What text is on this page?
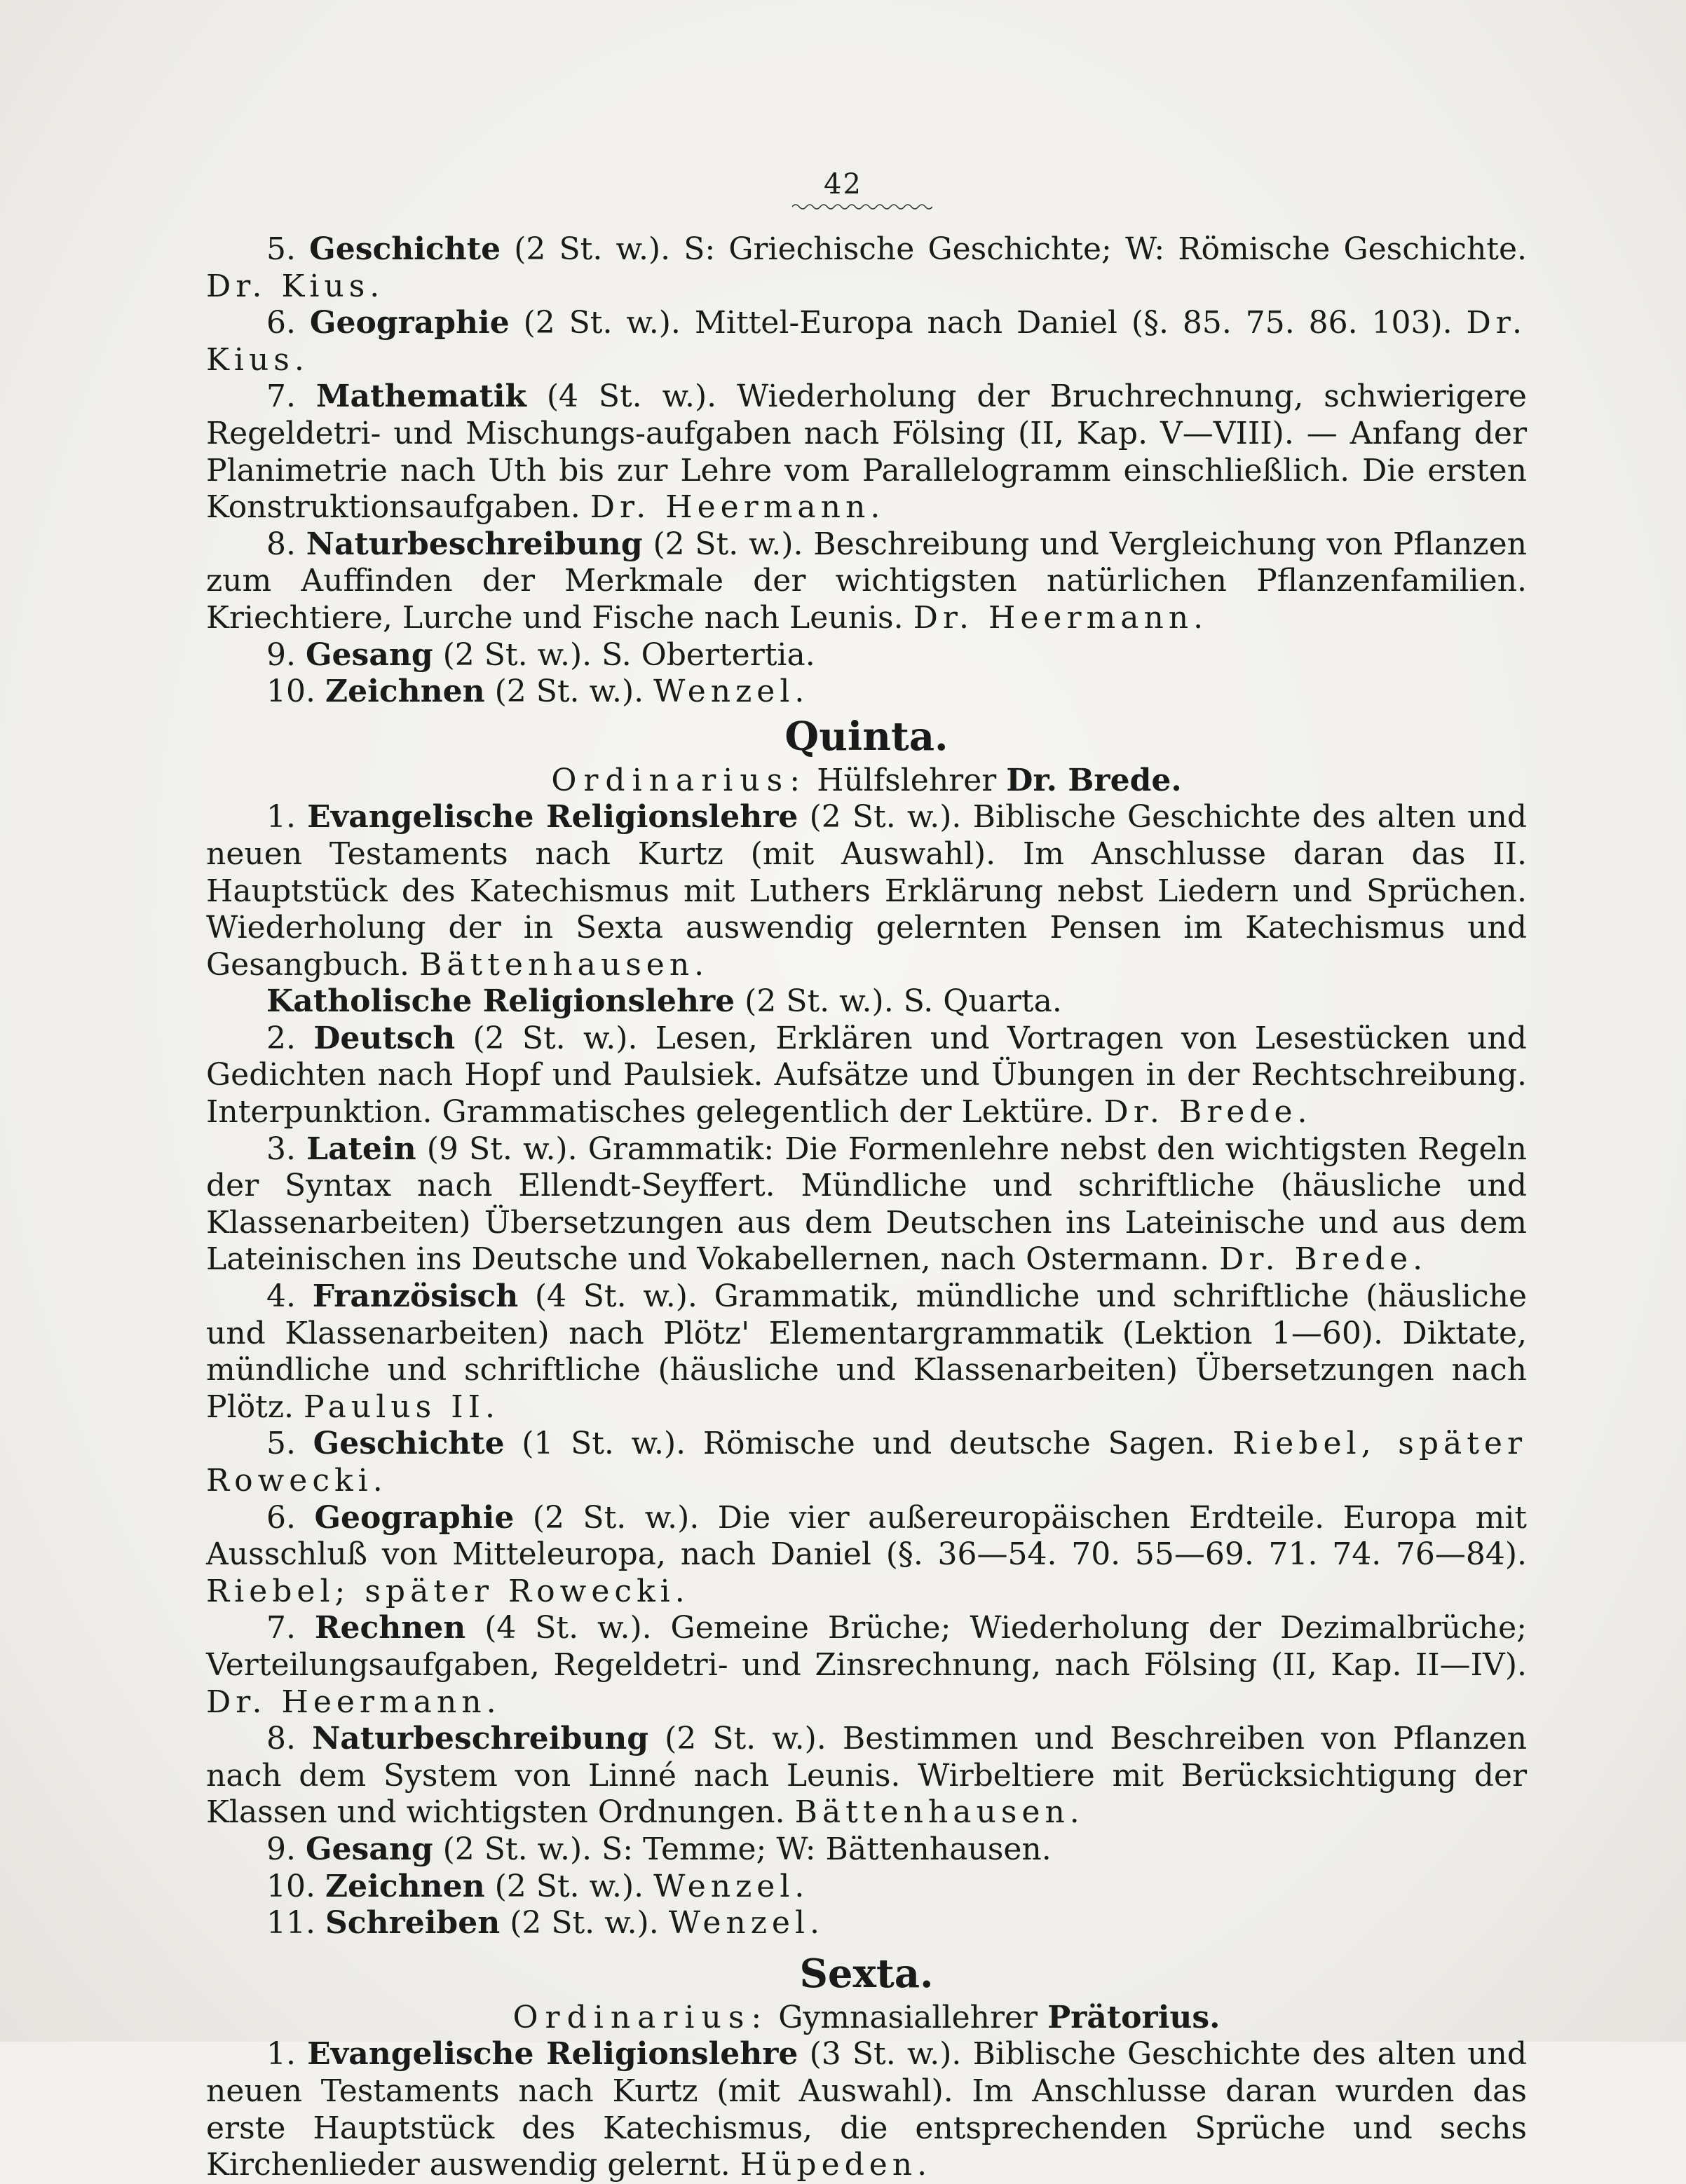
42

5. Geschichte (2 St. w.). S: Griechische Geschichte; W: Römische Geschichte. Dr. Kius.

6. Geographie (2 St. w.). Mittel-Europa nach Daniel (§. 85. 75. 86. 103). Dr. Kius.

7. Mathematik (4 St. w.). Wiederholung der Bruchrechnung, schwierigere Regeldetri- und Mischungs-aufgaben nach Fölsing (II, Kap. V—VIII). — Anfang der Planimetrie nach Uth bis zur Lehre vom Parallelogramm einschließlich. Die ersten Konstruktionsaufgaben. Dr. Heermann.

8. Naturbeschreibung (2 St. w.). Beschreibung und Vergleichung von Pflanzen zum Auffinden der Merkmale der wichtigsten natürlichen Pflanzenfamilien. Kriechtiere, Lurche und Fische nach Leunis. Dr. Heermann.

9. Gesang (2 St. w.). S. Obertertia.

10. Zeichnen (2 St. w.). Wenzel.

Quinta.

Ordinarius: Hülfslehrer Dr. Brede.

1. Evangelische Religionslehre (2 St. w.). Biblische Geschichte des alten und neuen Testaments nach Kurtz (mit Auswahl). Im Anschlusse daran das II. Hauptstück des Katechismus mit Luthers Erklärung nebst Liedern und Sprüchen. Wiederholung der in Sexta auswendig gelernten Pensen im Katechismus und Gesangbuch. Bättenhausen.

Katholische Religionslehre (2 St. w.). S. Quarta.

2. Deutsch (2 St. w.). Lesen, Erklären und Vortragen von Lesestücken und Gedichten nach Hopf und Paulsiek. Aufsätze und Übungen in der Rechtschreibung. Interpunktion. Grammatisches gelegentlich der Lektüre. Dr. Brede.

3. Latein (9 St. w.). Grammatik: Die Formenlehre nebst den wichtigsten Regeln der Syntax nach Ellendt-Seyffert. Mündliche und schriftliche (häusliche und Klassenarbeiten) Übersetzungen aus dem Deutschen ins Lateinische und aus dem Lateinischen ins Deutsche und Vokabellernen, nach Ostermann. Dr. Brede.

4. Französisch (4 St. w.). Grammatik, mündliche und schriftliche (häusliche und Klassenarbeiten) nach Plötz' Elementargrammatik (Lektion 1—60). Diktate, mündliche und schriftliche (häusliche und Klassenarbeiten) Übersetzungen nach Plötz. Paulus II.

5. Geschichte (1 St. w.). Römische und deutsche Sagen. Riebel, später Rowecki.

6. Geographie (2 St. w.). Die vier außereuropäischen Erdteile. Europa mit Ausschluß von Mitteleuropa, nach Daniel (§. 36—54. 70. 55—69. 71. 74. 76—84). Riebel; später Rowecki.

7. Rechnen (4 St. w.). Gemeine Brüche; Wiederholung der Dezimalbrüche; Verteilungsaufgaben, Regeldetri- und Zinsrechnung, nach Fölsing (II, Kap. II—IV). Dr. Heermann.

8. Naturbeschreibung (2 St. w.). Bestimmen und Beschreiben von Pflanzen nach dem System von Linné nach Leunis. Wirbeltiere mit Berücksichtigung der Klassen und wichtigsten Ordnungen. Bättenhausen.

9. Gesang (2 St. w.). S: Temme; W: Bättenhausen.

10. Zeichnen (2 St. w.). Wenzel.

11. Schreiben (2 St. w.). Wenzel.

Sexta.

Ordinarius: Gymnasiallehrer Prätorius.

1. Evangelische Religionslehre (3 St. w.). Biblische Geschichte des alten und neuen Testaments nach Kurtz (mit Auswahl). Im Anschlusse daran wurden das erste Hauptstück des Katechismus, die entsprechenden Sprüche und sechs Kirchenlieder auswendig gelernt. Hüpeden.
